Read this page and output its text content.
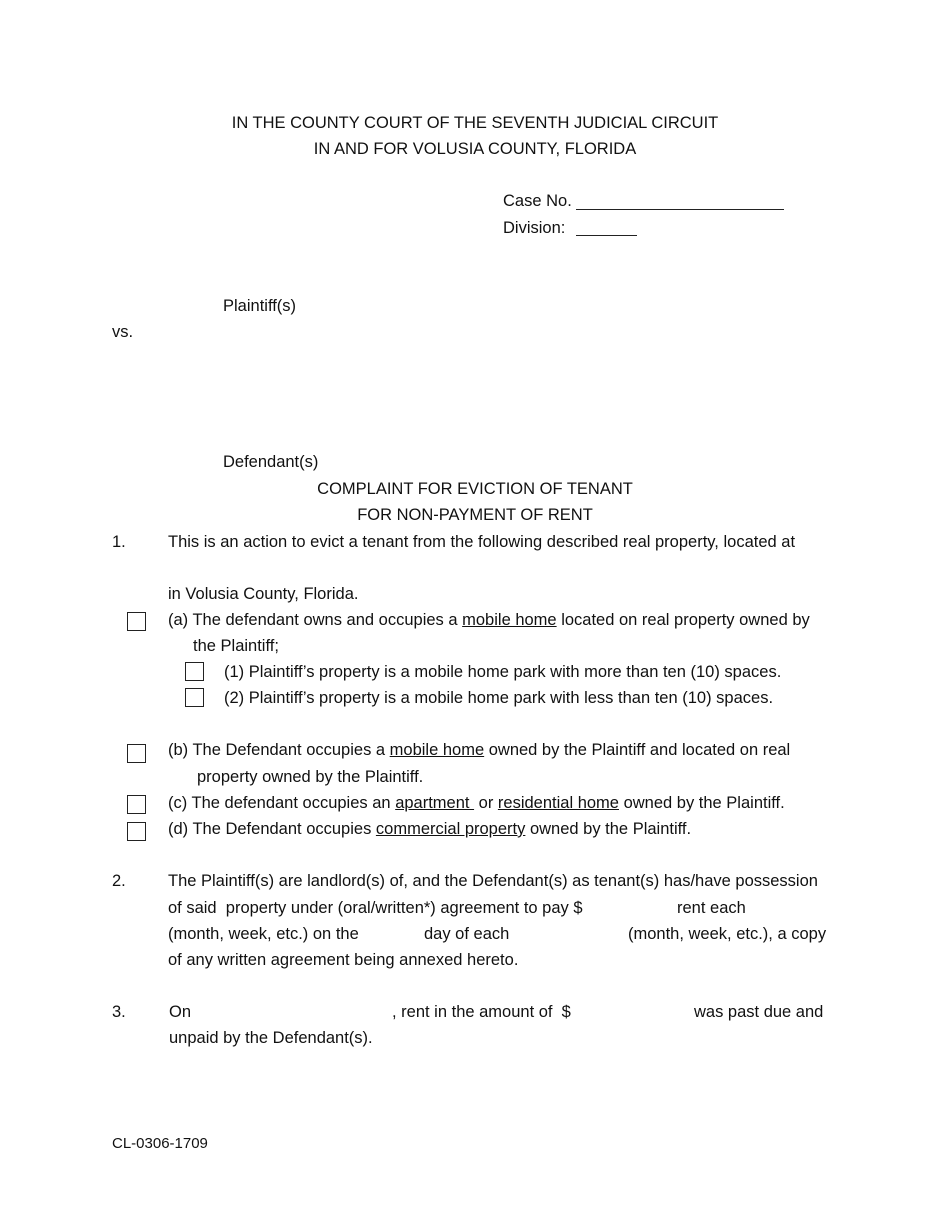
IN THE COUNTY COURT OF THE SEVENTH JUDICIAL CIRCUIT
IN AND FOR VOLUSIA COUNTY, FLORIDA
Case No.
Division:
Plaintiff(s)
vs.
Defendant(s)
COMPLAINT FOR EVICTION OF TENANT
FOR NON-PAYMENT OF RENT
1.	This is an action to evict a tenant from the following described real property, located at
in Volusia County, Florida.
(a) The defendant owns and occupies a mobile home located on real property owned by
the Plaintiff;
(1) Plaintiff’s property is a mobile home park with more than ten (10) spaces.
(2) Plaintiff’s property is a mobile home park with less than ten (10) spaces.
(b) The Defendant occupies a mobile home owned by the Plaintiff and located on real
property owned by the Plaintiff.
(c) The defendant occupies an apartment  or residential home owned by the Plaintiff.
(d) The Defendant occupies commercial property owned by the Plaintiff.
2.	The Plaintiff(s) are landlord(s) of, and the Defendant(s) as tenant(s) has/have possession
of said  property under (oral/written*) agreement to pay $	rent each
(month, week, etc.) on the	day of each	(month, week, etc.), a copy
of any written agreement being annexed hereto.
3.	On	, rent in the amount of  $	was past due and
unpaid by the Defendant(s).
CL-0306-1709
